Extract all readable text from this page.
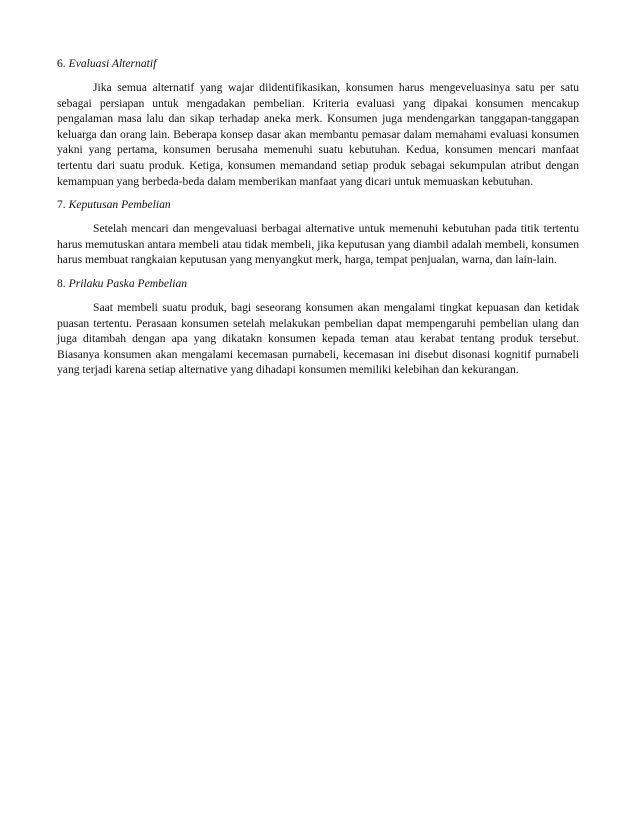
6. Evaluasi Alternatif

Jika semua alternatif yang wajar diidentifikasikan, konsumen harus mengeveluasinya satu per satu sebagai persiapan untuk mengadakan pembelian. Kriteria evaluasi yang dipakai konsumen mencakup pengalaman masa lalu dan sikap terhadap aneka merk. Konsumen juga mendengarkan tanggapan-tanggapan keluarga dan orang lain. Beberapa konsep dasar akan membantu pemasar dalam memahami evaluasi konsumen yakni yang pertama, konsumen berusaha memenuhi suatu kebutuhan. Kedua, konsumen mencari manfaat tertentu dari suatu produk. Ketiga, konsumen memandand setiap produk sebagai sekumpulan atribut dengan kemampuan yang berbeda-beda dalam memberikan manfaat yang dicari untuk memuaskan kebutuhan.

7. Keputusan Pembelian

Setelah mencari dan mengevaluasi berbagai alternative untuk memenuhi kebutuhan pada titik tertentu harus memutuskan antara membeli atau tidak membeli, jika keputusan yang diambil adalah membeli, konsumen harus membuat rangkaian keputusan yang menyangkut merk, harga, tempat penjualan, warna, dan lain-lain.

8. Prilaku Paska Pembelian

Saat membeli suatu produk, bagi seseorang konsumen akan mengalami tingkat kepuasan dan ketidak puasan tertentu. Perasaan konsumen setelah melakukan pembelian dapat mempengaruhi pembelian ulang dan juga ditambah dengan apa yang dikatakn konsumen kepada teman atau kerabat tentang produk tersebut. Biasanya konsumen akan mengalami kecemasan purnabeli, kecemasan ini disebut disonasi kognitif purnabeli yang terjadi karena setiap alternative yang dihadapi konsumen memiliki kelebihan dan kekurangan.
